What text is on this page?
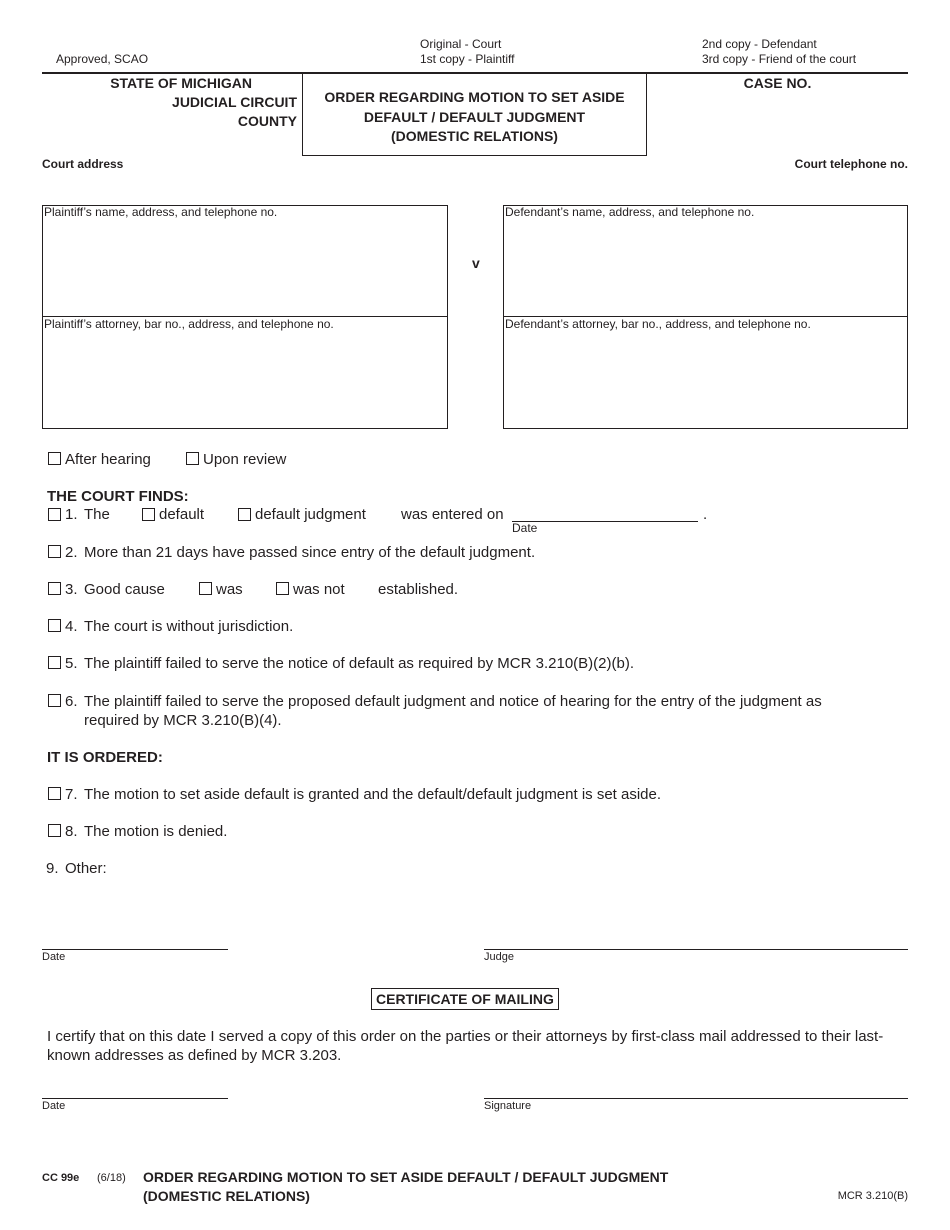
Approved, SCAO
Original - Court
1st copy - Plaintiff
2nd copy - Defendant
3rd copy - Friend of the court
STATE OF MICHIGAN
JUDICIAL CIRCUIT
COUNTY
ORDER REGARDING MOTION TO SET ASIDE
DEFAULT / DEFAULT JUDGMENT
(DOMESTIC RELATIONS)
CASE NO.
Court address	Court telephone no.
Plaintiff’s name, address, and telephone no.
Plaintiff’s attorney, bar no., address, and telephone no.
v
Defendant’s name, address, and telephone no.
Defendant’s attorney, bar no., address, and telephone no.
After hearing	Upon review
THE COURT FINDS:
1. The	default	default judgment was entered on
Date
.
2. More than 21 days have passed since entry of the default judgment.
3. Good cause	was	was not established.
4. The court is without jurisdiction.
5. The plaintiff failed to serve the notice of default as required by MCR 3.210(B)(2)(b).
6. The plaintiff failed to serve the proposed default judgment and notice of hearing for the entry of the judgment as
required by MCR 3.210(B)(4).
IT IS ORDERED:
7. The motion to set aside default is granted and the default/default judgment is set aside.
8. The motion is denied.
9. Other:
Date	Judge
CERTIFICATE OF MAILING
I certify that on this date I served a copy of this order on the parties or their attorneys by first-class mail addressed to their last-
known addresses as defined by MCR 3.203.
Date	Signature
CC 99e (6/18) ORDER REGARDING MOTION TO SET ASIDE DEFAULT / DEFAULT JUDGMENT
(DOMESTIC RELATIONS)	MCR 3.210(B)
